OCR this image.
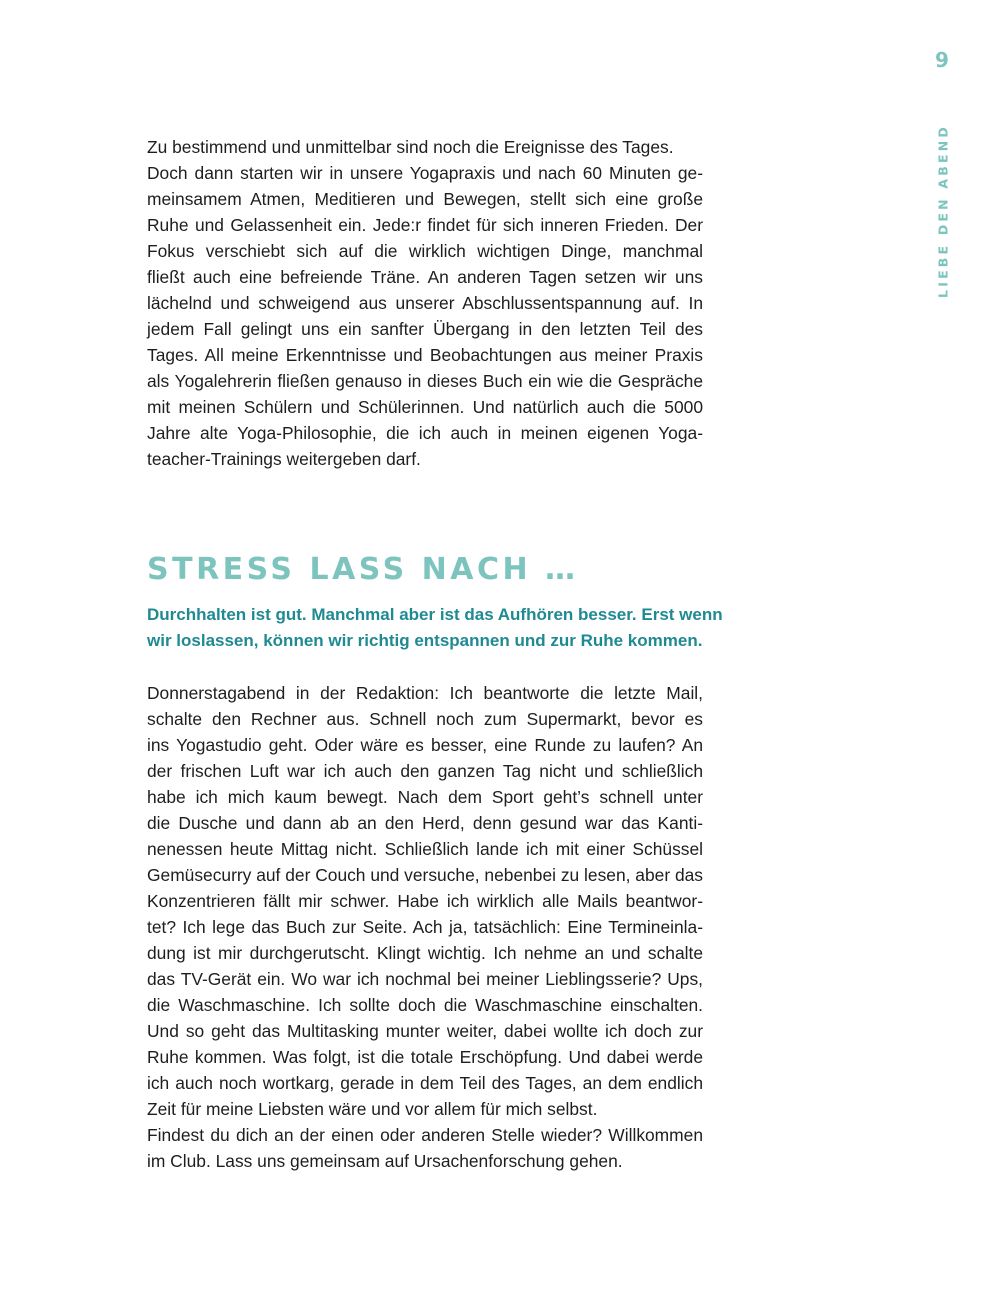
9
LIEBE DEN ABEND

Zu bestimmend und unmittelbar sind noch die Ereignisse des Tages.
Doch dann starten wir in unsere Yogapraxis und nach 60 Minuten ge-
meinsamem Atmen, Meditieren und Bewegen, stellt sich eine große
Ruhe und Gelassenheit ein. Jede:r findet für sich inneren Frieden. Der
Fokus verschiebt sich auf die wirklich wichtigen Dinge, manchmal
fließt auch eine befreiende Träne. An anderen Tagen setzen wir uns
lächelnd und schweigend aus unserer Abschlussentspannung auf. In
jedem Fall gelingt uns ein sanfter Übergang in den letzten Teil des
Tages. All meine Erkenntnisse und Beobachtungen aus meiner Praxis
als Yogalehrerin fließen genauso in dieses Buch ein wie die Gespräche
mit meinen Schülern und Schülerinnen. Und natürlich auch die 5000
Jahre alte Yoga-Philosophie, die ich auch in meinen eigenen Yoga-
teacher-Trainings weitergeben darf.

STRESS LASS NACH …

Durchhalten ist gut. Manchmal aber ist das Aufhören besser. Erst wenn
wir loslassen, können wir richtig entspannen und zur Ruhe kommen.

Donnerstagabend in der Redaktion: Ich beantworte die letzte Mail,
schalte den Rechner aus. Schnell noch zum Supermarkt, bevor es
ins Yogastudio geht. Oder wäre es besser, eine Runde zu laufen? An
der frischen Luft war ich auch den ganzen Tag nicht und schließlich
habe ich mich kaum bewegt. Nach dem Sport geht’s schnell unter
die Dusche und dann ab an den Herd, denn gesund war das Kanti-
nenessen heute Mittag nicht. Schließlich lande ich mit einer Schüssel
Gemüsecurry auf der Couch und versuche, nebenbei zu lesen, aber das
Konzentrieren fällt mir schwer. Habe ich wirklich alle Mails beantwor-
tet? Ich lege das Buch zur Seite. Ach ja, tatsächlich: Eine Termineinla-
dung ist mir durchgerutscht. Klingt wichtig. Ich nehme an und schalte
das TV-Gerät ein. Wo war ich nochmal bei meiner Lieblingsserie? Ups,
die Waschmaschine. Ich sollte doch die Waschmaschine einschalten.
Und so geht das Multitasking munter weiter, dabei wollte ich doch zur
Ruhe kommen. Was folgt, ist die totale Erschöpfung. Und dabei werde
ich auch noch wortkarg, gerade in dem Teil des Tages, an dem endlich
Zeit für meine Liebsten wäre und vor allem für mich selbst.

Findest du dich an der einen oder anderen Stelle wieder? Willkommen
im Club. Lass uns gemeinsam auf Ursachenforschung gehen.
